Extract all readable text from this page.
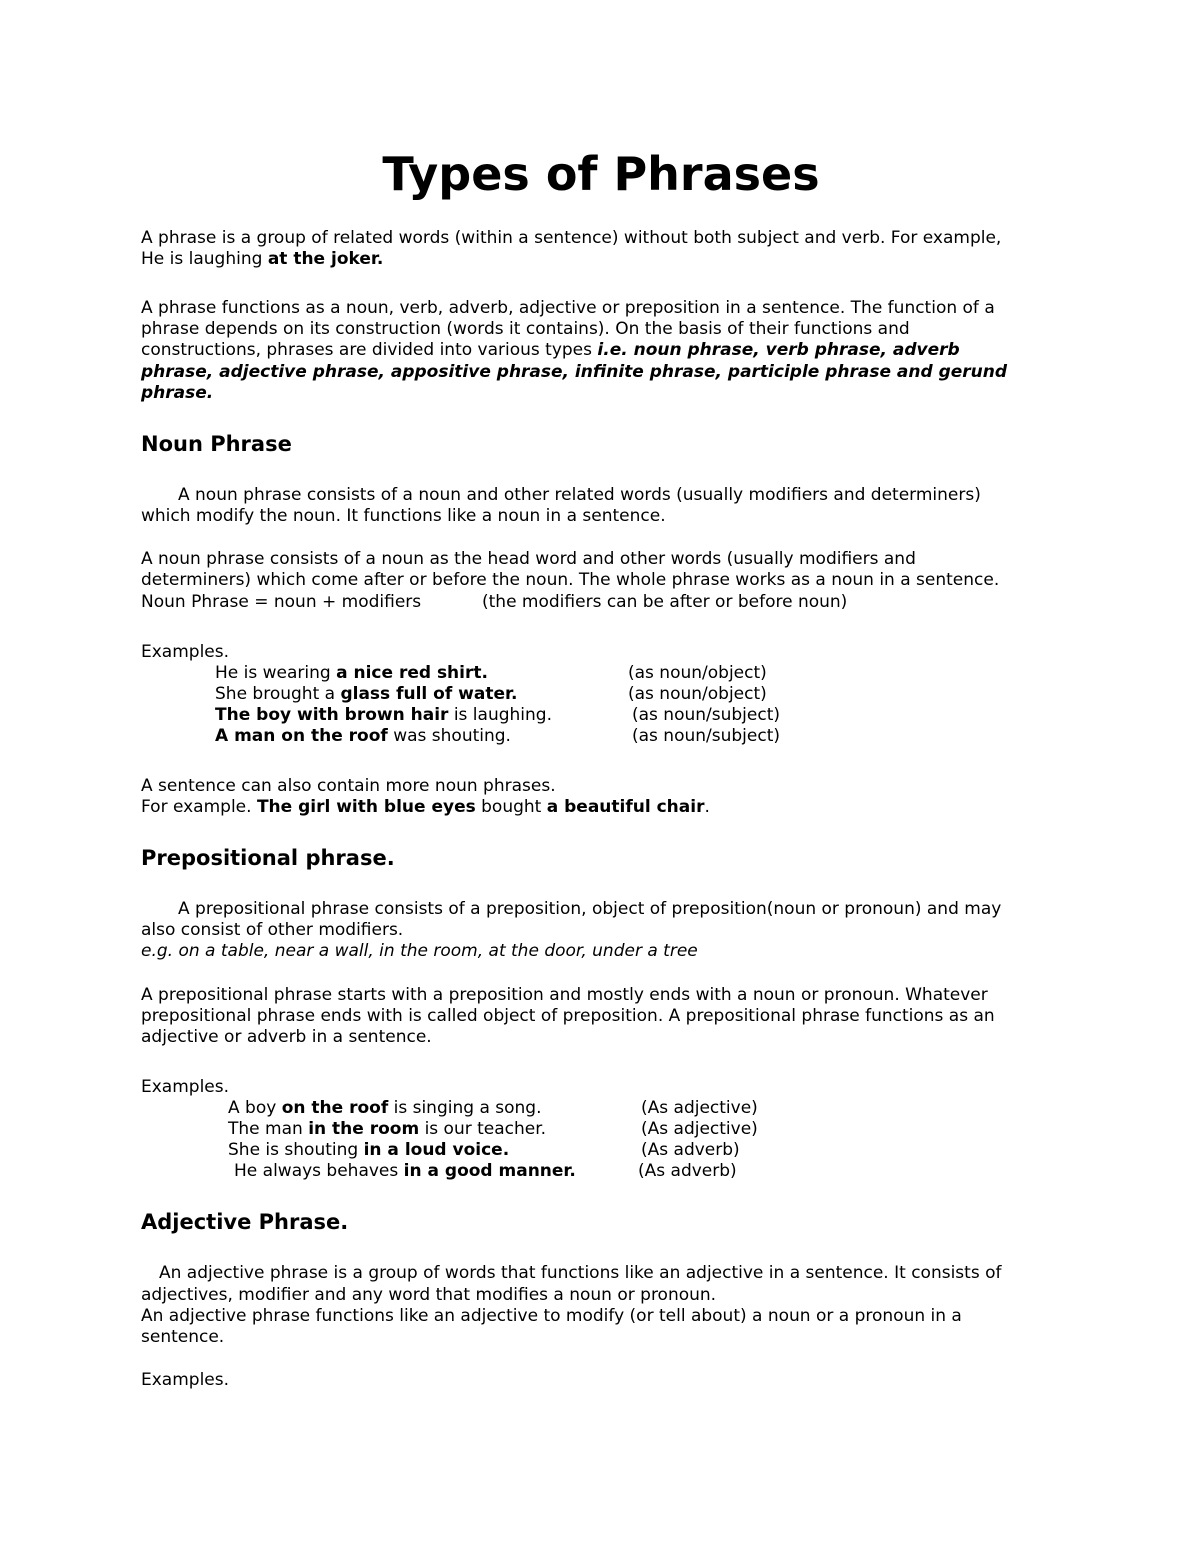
Types of Phrases

A phrase is a group of related words (within a sentence) without both subject and verb. For example,

He is laughing at the joker.

A phrase functions as a noun, verb, adverb, adjective or preposition in a sentence. The function of a

phrase depends on its construction (words it contains). On the basis of their functions and

constructions, phrases are divided into various types i.e. noun phrase, verb phrase, adverb

phrase, adjective phrase, appositive phrase, infinite phrase, participle phrase and gerund

phrase.

Noun Phrase

A noun phrase consists of a noun and other related words (usually modifiers and determiners)

which modify the noun. It functions like a noun in a sentence.

A noun phrase consists of a noun as the head word and other words (usually modifiers and

determiners) which come after or before the noun. The whole phrase works as a noun in a sentence.

Noun Phrase = noun + modifiers	(the modifiers can be after or before noun)

Examples.

He is wearing a nice red shirt.	(as noun/object)
She brought a glass full of water.	(as noun/object)
The boy with brown hair is laughing.	(as noun/subject)
A man on the roof was shouting.	(as noun/subject)

A sentence can also contain more noun phrases.

For example. The girl with blue eyes bought a beautiful chair.

Prepositional phrase.

A prepositional phrase consists of a preposition, object of preposition(noun or pronoun) and may

also consist of other modifiers.

e.g. on a table, near a wall, in the room, at the door, under a tree

A prepositional phrase starts with a preposition and mostly ends with a noun or pronoun. Whatever

prepositional phrase ends with is called object of preposition. A prepositional phrase functions as an

adjective or adverb in a sentence.

Examples.

A boy on the roof is singing a song.	(As adjective)
The man in the room is our teacher.	(As adjective)
She is shouting in a loud voice.	(As adverb)
He always behaves in a good manner.	(As adverb)
Adjective Phrase.

An adjective phrase is a group of words that functions like an adjective in a sentence. It consists of

adjectives, modifier and any word that modifies a noun or pronoun.

An adjective phrase functions like an adjective to modify (or tell about) a noun or a pronoun in a

sentence.

Examples.
